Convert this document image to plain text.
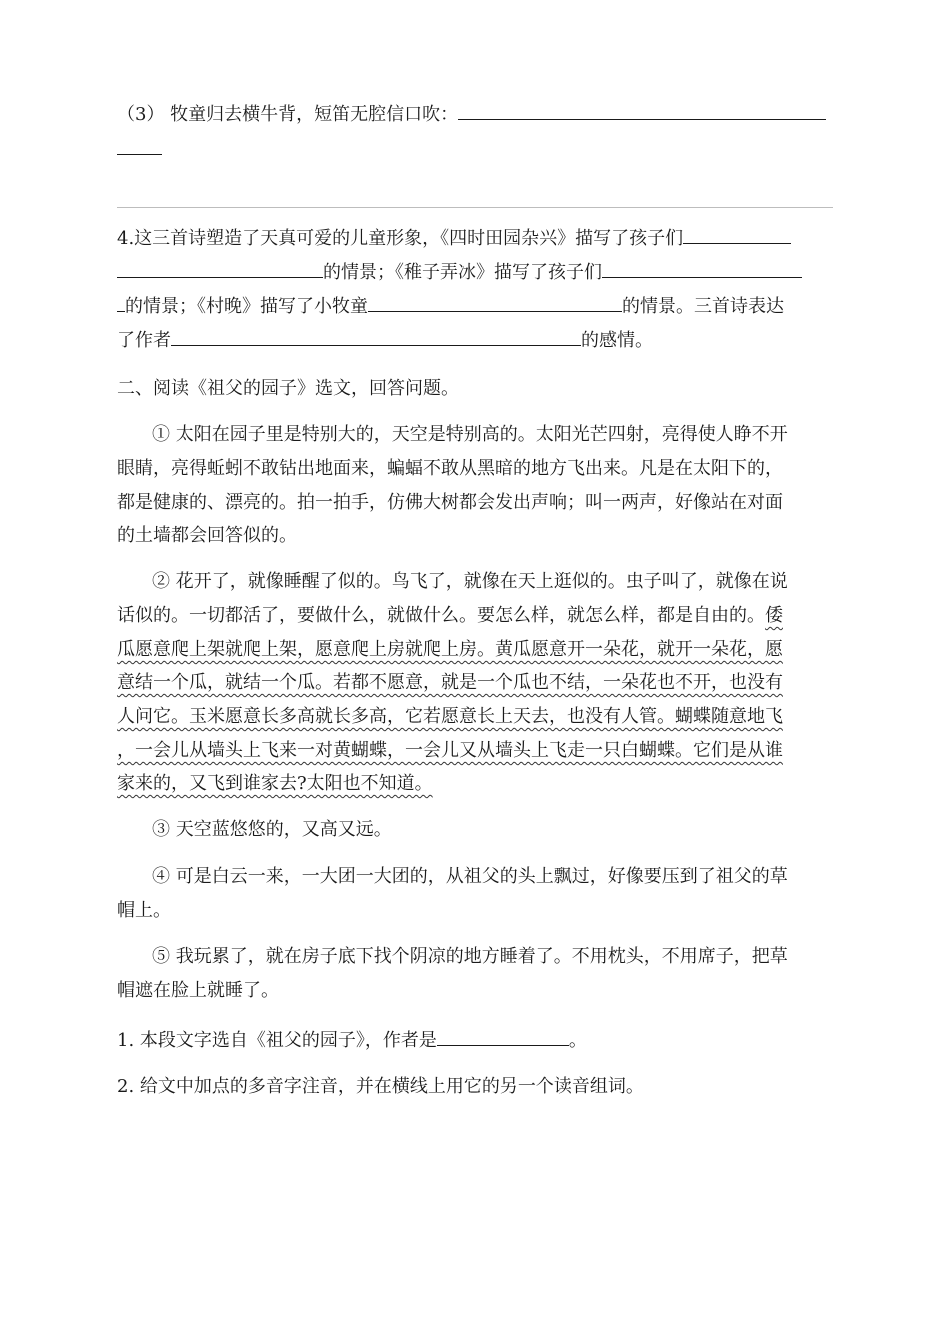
（3） 牧童归去横牛背，短笛无腔信口吹：
4.这三首诗塑造了天真可爱的儿童形象，《四时田园杂兴》描写了孩子们
的情景；《稚子弄冰》描写了孩子们
的情景；《村晚》描写了小牧童	的情景。三首诗表达
了作者	的感情。
二、阅读《祖父的园子》选文，回答问题。
① 太阳在园子里是特别大的，天空是特别高的。太阳光芒四射，亮得使人睁不开
眼睛，亮得蚯蚓不敢钻出地面来，蝙蝠不敢从黑暗的地方飞出来。凡是在太阳下的，
都是健康的、漂亮的。拍一拍手，仿佛大树都会发出声响；叫一两声，好像站在对面
的土墙都会回答似的。
② 花开了，就像睡醒了似的。鸟飞了，就像在天上逛似的。虫子叫了，就像在说
话似的。一切都活了，要做什么，就做什么。要怎么样，就怎么样，都是自由的。倭
瓜愿意爬上架就爬上架，愿意爬上房就爬上房。黄瓜愿意开一朵花，就开一朵花，愿
意结一个瓜，就结一个瓜。若都不愿意，就是一个瓜也不结，一朵花也不开，也没有
人问它。玉米愿意长多高就长多高，它若愿意长上天去，也没有人管。蝴蝶随意地飞
，一会儿从墙头上飞来一对黄蝴蝶，一会儿又从墙头上飞走一只白蝴蝶。它们是从谁
家来的，又飞到谁家去?太阳也不知道。
③ 天空蓝悠悠的，又高又远。
④ 可是白云一来，一大团一大团的，从祖父的头上飘过，好像要压到了祖父的草
帽上。
⑤ 我玩累了，就在房子底下找个阴凉的地方睡着了。不用枕头，不用席子，把草
帽遮在脸上就睡了。
1. 本段文字选自《祖父的园子》，作者是	。
2. 给文中加点的多音字注音，并在横线上用它的另一个读音组词。
